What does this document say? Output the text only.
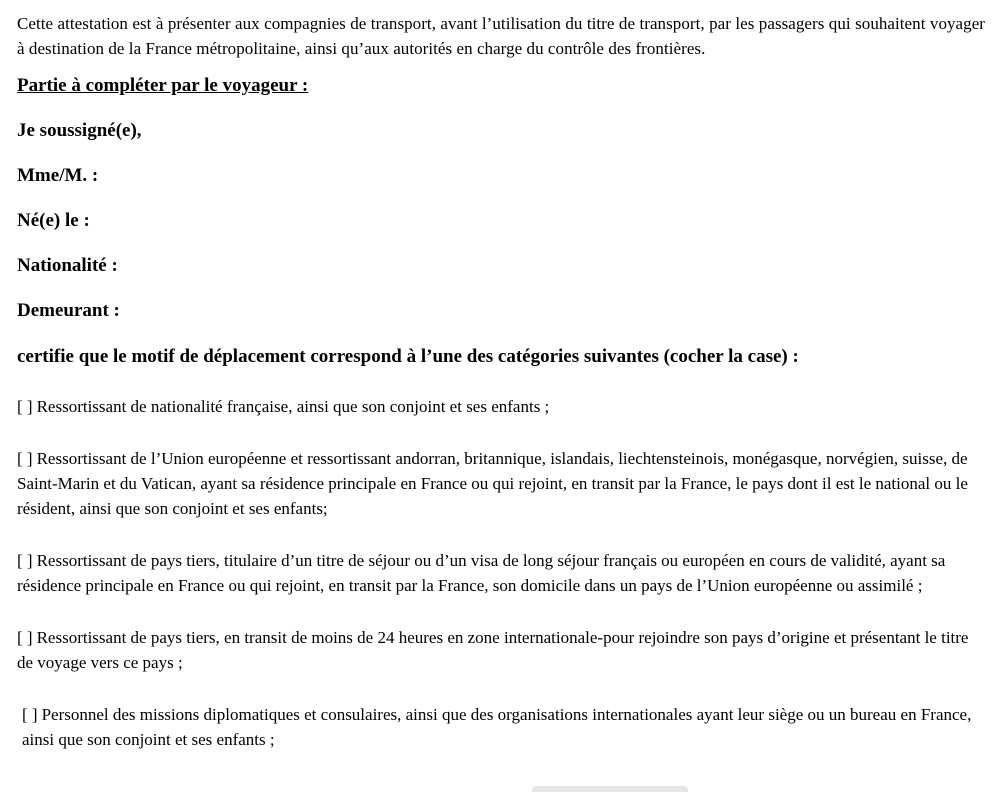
Cette attestation est à présenter aux compagnies de transport, avant l’utilisation du titre de transport, par les passagers qui souhaitent voyager à destination de la France métropolitaine, ainsi qu’aux autorités en charge du contrôle des frontières.

Partie à compléter par le voyageur :

Je soussigné(e),

Mme/M. :

Né(e) le :

Nationalité :

Demeurant :

certifie que le motif de déplacement correspond à l’une des catégories suivantes (cocher la case) :

[ ] Ressortissant de nationalité française, ainsi que son conjoint et ses enfants ;

[ ] Ressortissant de l’Union européenne et ressortissant andorran, britannique, islandais, liechtensteinois, monégasque, norvégien, suisse, de Saint-Marin et du Vatican, ayant sa résidence principale en France ou qui rejoint, en transit par la France, le pays dont il est le national ou le résident, ainsi que son conjoint et ses enfants;

[ ] Ressortissant de pays tiers, titulaire d’un titre de séjour ou d’un visa de long séjour français ou européen en cours de validité, ayant sa résidence principale en France ou qui rejoint, en transit par la France, son domicile dans un pays de l’Union européenne ou assimilé ;

[ ] Ressortissant de pays tiers, en transit de moins de 24 heures en zone internationale-pour rejoindre son pays d’origine et présentant le titre de voyage vers ce pays ;

[ ] Personnel des missions diplomatiques et consulaires, ainsi que des organisations internationales ayant leur siège ou un bureau en France, ainsi que son conjoint et ses enfants ;
